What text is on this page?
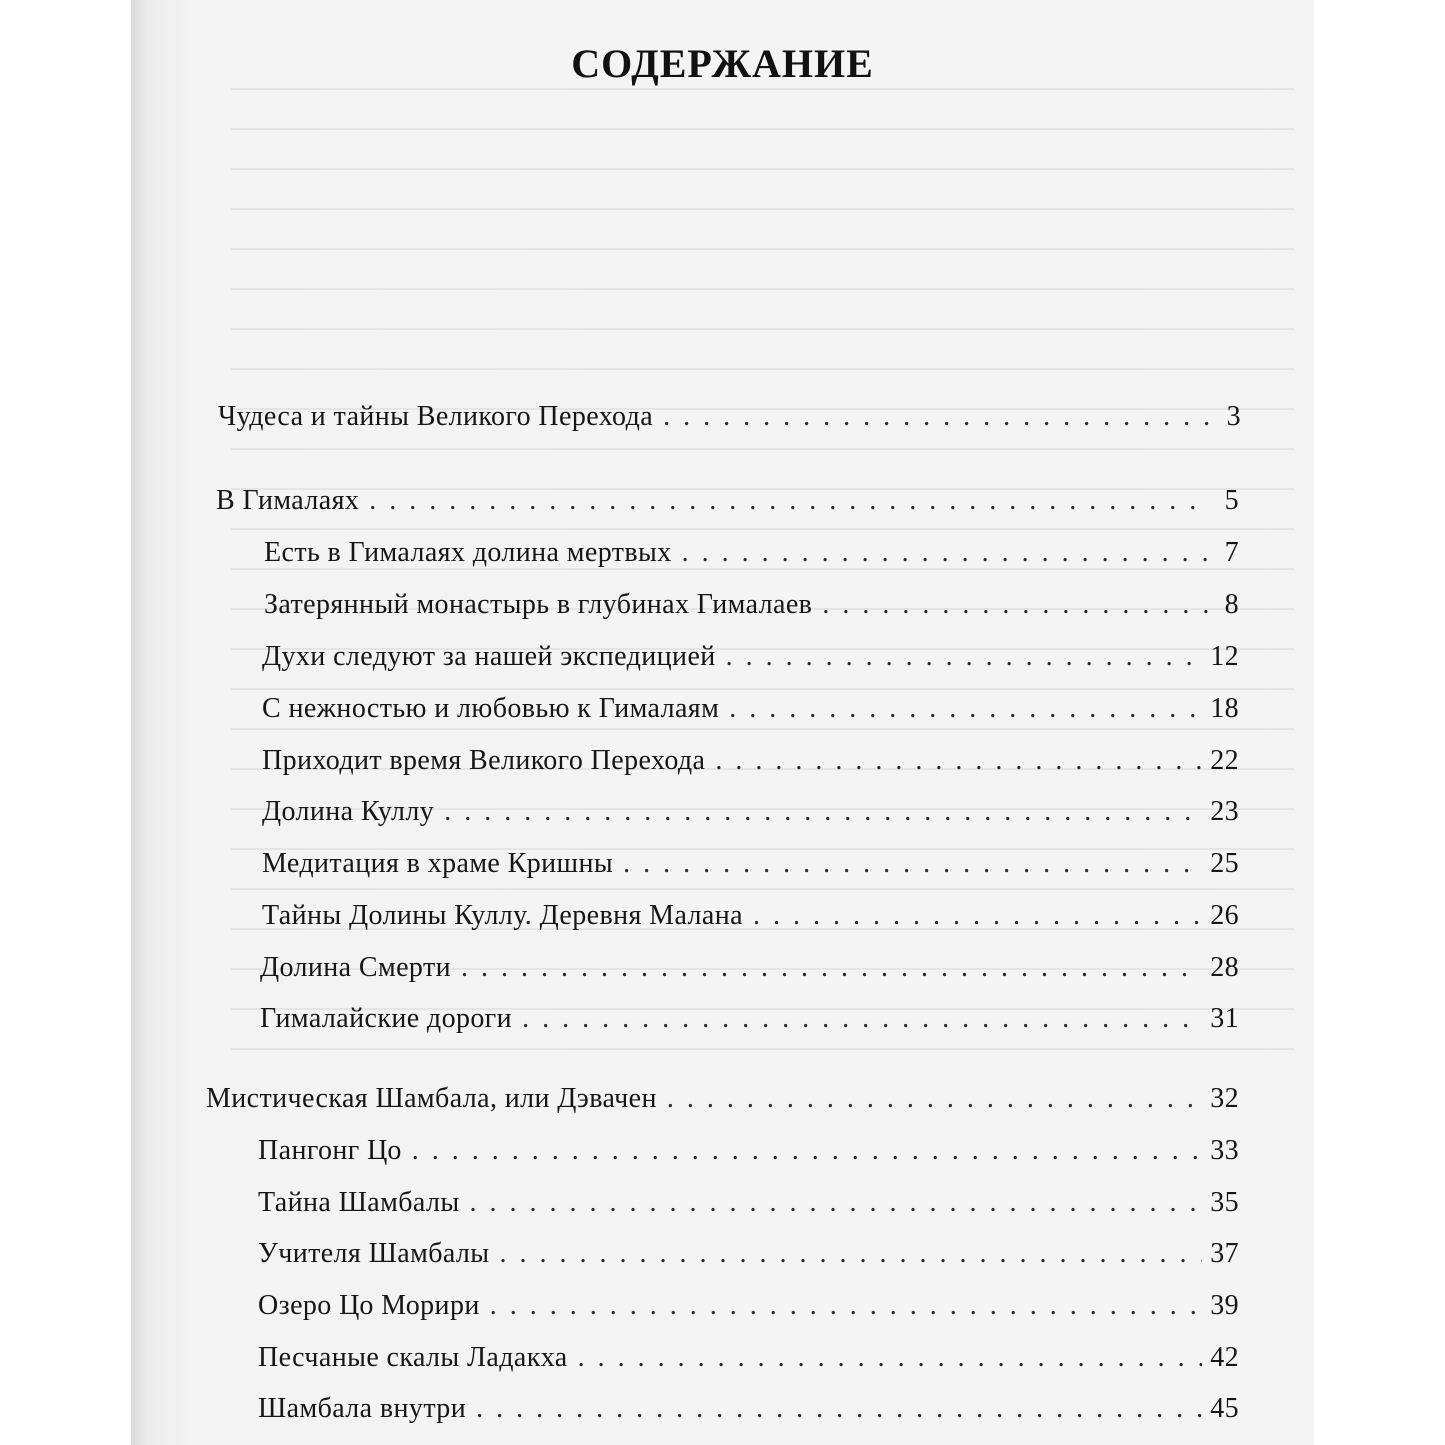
СОДЕРЖАНИЕ
Чудеса и тайны Великого Перехода . . .	3
В Гималаях . . .	5
Есть в Гималаях долина мертвых . . .	7
Затерянный монастырь в глубинах Гималаев . . .	8
Духи следуют за нашей экспедицией . . .	12
С нежностью и любовью к Гималаям . . .	18
Приходит время Великого Перехода . . .	22
Долина Куллу . . .	23
Медитация в храме Кришны . . .	25
Тайны Долины Куллу. Деревня Малана . . .	26
Долина Смерти . . .	28
Гималайские дороги . . .	31
Мистическая Шамбала, или Дэвачен . . .	32
Пангонг Цо . . .	33
Тайна Шамбалы . . .	35
Учителя Шамбалы . . .	37
Озеро Цо Морири . . .	39
Песчаные скалы Ладакха . . .	42
Шамбала внутри . . .	45
